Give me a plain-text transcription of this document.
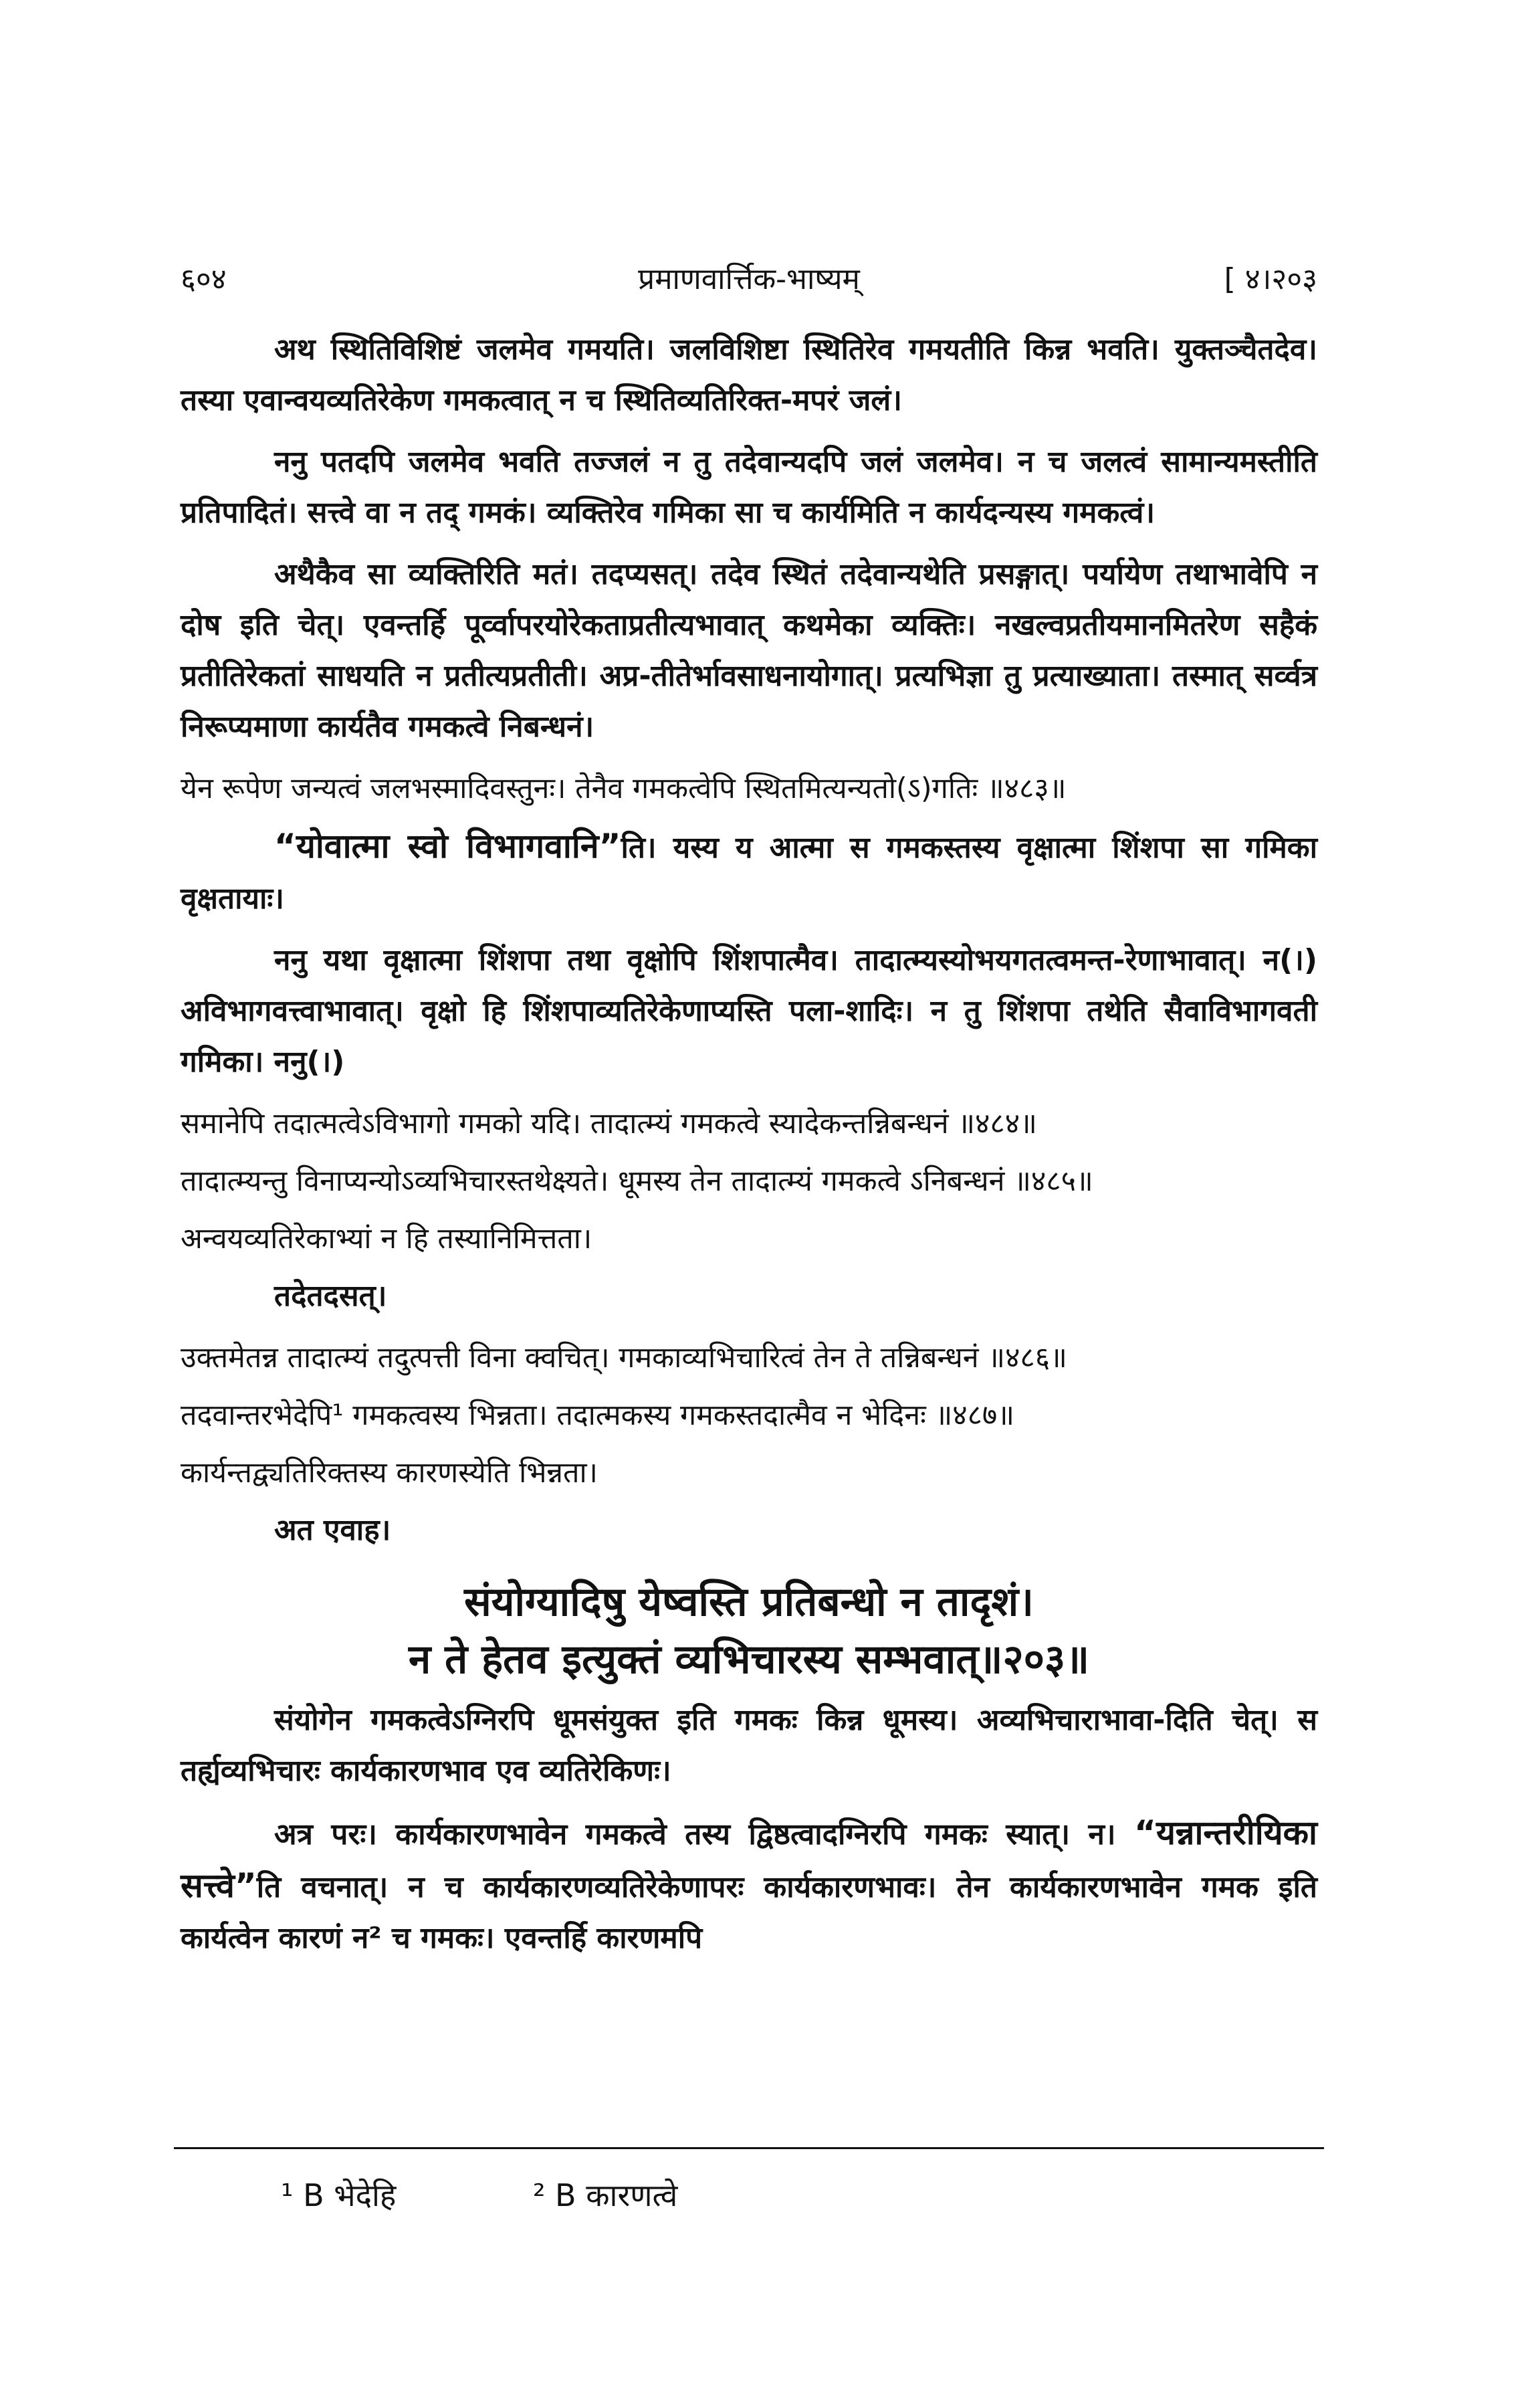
६०४	प्रमाणवार्त्तिक-भाष्यम्	[ ४।२०३

अथ स्थितिविशिष्टं जलमेव गमयति। जलविशिष्टा स्थितिरेव गमयतीति किन्न भवति। युक्तञ्चैतदेव। तस्या एवान्वयव्यतिरेकेण गमकत्वात् न च स्थितिव्यतिरिक्त-मपरं जलं।

ननु पतदपि जलमेव भवति तज्जलं न तु तदेवान्यदपि जलं जलमेव। न च जलत्वं सामान्यमस्तीति प्रतिपादितं। सत्त्वे वा न तद् गमकं। व्यक्तिरेव गमिका सा च कार्यमिति न कार्यदन्यस्य गमकत्वं।

अथैकैव सा व्यक्तिरिति मतं। तदप्यसत्। तदेव स्थितं तदेवान्यथेति प्रसङ्गात्। पर्यायेण तथाभावेपि न दोष इति चेत्। एवन्तर्हि पूर्व्वापरयोरेकताप्रतीत्यभावात् कथमेका व्यक्तिः। नखल्वप्रतीयमानमितरेण सहैकं प्रतीतिरेकतां साधयति न प्रतीत्यप्रतीती। अप्र-तीतेर्भावसाधनायोगात्। प्रत्यभिज्ञा तु प्रत्याख्याता। तस्मात् सर्व्वत्र निरूप्यमाणा कार्यतैव गमकत्वे निबन्धनं।

येन रूपेण जन्यत्वं जलभस्मादिवस्तुनः। तेनैव गमकत्वेपि स्थितमित्यन्यतो(ऽ)गतिः ॥४८३॥

“योवात्मा स्वो विभागवानि”ति। यस्य य आत्मा स गमकस्तस्य वृक्षात्मा शिंशपा सा गमिका वृक्षतायाः।

ननु यथा वृक्षात्मा शिंशपा तथा वृक्षोपि शिंशपात्मैव। तादात्म्यस्योभयगतत्वमन्त-रेणाभावात्। न(।) अविभागवत्त्वाभावात्। वृक्षो हि शिंशपाव्यतिरेकेणाप्यस्ति पला-शादिः। न तु शिंशपा तथेति सैवाविभागवती गमिका। ननु(।)

समानेपि तदात्मत्वेऽविभागो गमको यदि। तादात्म्यं गमकत्वे स्यादेकन्तन्निबन्धनं ॥४८४॥

तादात्म्यन्तु विनाप्यन्योऽव्यभिचारस्तथेक्ष्यते। धूमस्य तेन तादात्म्यं गमकत्वे ऽनिबन्धनं ॥४८५॥

अन्वयव्यतिरेकाभ्यां न हि तस्यानिमित्तता।

तदेतदसत्।

उक्तमेतन्न तादात्म्यं तदुत्पत्ती विना क्वचित्। गमकाव्यभिचारित्वं तेन ते तन्निबन्धनं ॥४८६॥

तदवान्तरभेदेपि¹ गमकत्वस्य भिन्नता। तदात्मकस्य गमकस्तदात्मैव न भेदिनः ॥४८७॥

कार्यन्तद्व्यतिरिक्तस्य कारणस्येति भिन्नता।

अत एवाह।

संयोग्यादिषु येष्वस्ति प्रतिबन्धो न तादृशं।
न ते हेतव इत्युक्तं व्यभिचारस्य सम्भवात्॥२०३॥

संयोगेन गमकत्वेऽग्निरपि धूमसंयुक्त इति गमकः किन्न धूमस्य। अव्यभिचाराभावा-दिति चेत्। स तर्ह्यव्यभिचारः कार्यकारणभाव एव व्यतिरेकिणः।

अत्र परः। कार्यकारणभावेन गमकत्वे तस्य द्विष्ठत्वादग्निरपि गमकः स्यात्। न। “यन्नान्तरीयिका सत्त्वे”ति वचनात्। न च कार्यकारणव्यतिरेकेणापरः कार्यकारणभावः। तेन कार्यकारणभावेन गमक इति कार्यत्वेन कारणं न² च गमकः। एवन्तर्हि कारणमपि

¹ B भेदेहि	² B कारणत्वे
